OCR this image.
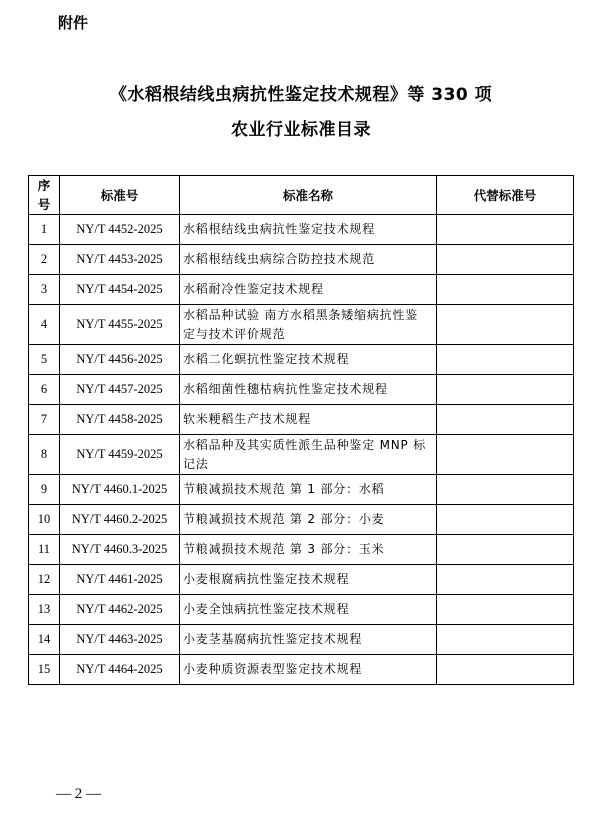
附件
《水稻根结线虫病抗性鉴定技术规程》等 330 项
农业行业标准目录
序号	标准号	标准名称	代替标准号
1	NY/T 4452-2025	水稻根结线虫病抗性鉴定技术规程	
2	NY/T 4453-2025	水稻根结线虫病综合防控技术规范	
3	NY/T 4454-2025	水稻耐冷性鉴定技术规程	
4	NY/T 4455-2025	水稻品种试验 南方水稻黑条矮缩病抗性鉴
定与技术评价规范	
5	NY/T 4456-2025	水稻二化螟抗性鉴定技术规程	
6	NY/T 4457-2025	水稻细菌性穗枯病抗性鉴定技术规程	
7	NY/T 4458-2025	软米粳稻生产技术规程	
8	NY/T 4459-2025	水稻品种及其实质性派生品种鉴定 MNP 标
记法	
9	NY/T 4460.1-2025	节粮减损技术规范 第 1 部分：水稻	
10	NY/T 4460.2-2025	节粮减损技术规范 第 2 部分：小麦	
11	NY/T 4460.3-2025	节粮减损技术规范 第 3 部分：玉米	
12	NY/T 4461-2025	小麦根腐病抗性鉴定技术规程	
13	NY/T 4462-2025	小麦全蚀病抗性鉴定技术规程	
14	NY/T 4463-2025	小麦茎基腐病抗性鉴定技术规程	
15	NY/T 4464-2025	小麦种质资源表型鉴定技术规程	
— 2 —
